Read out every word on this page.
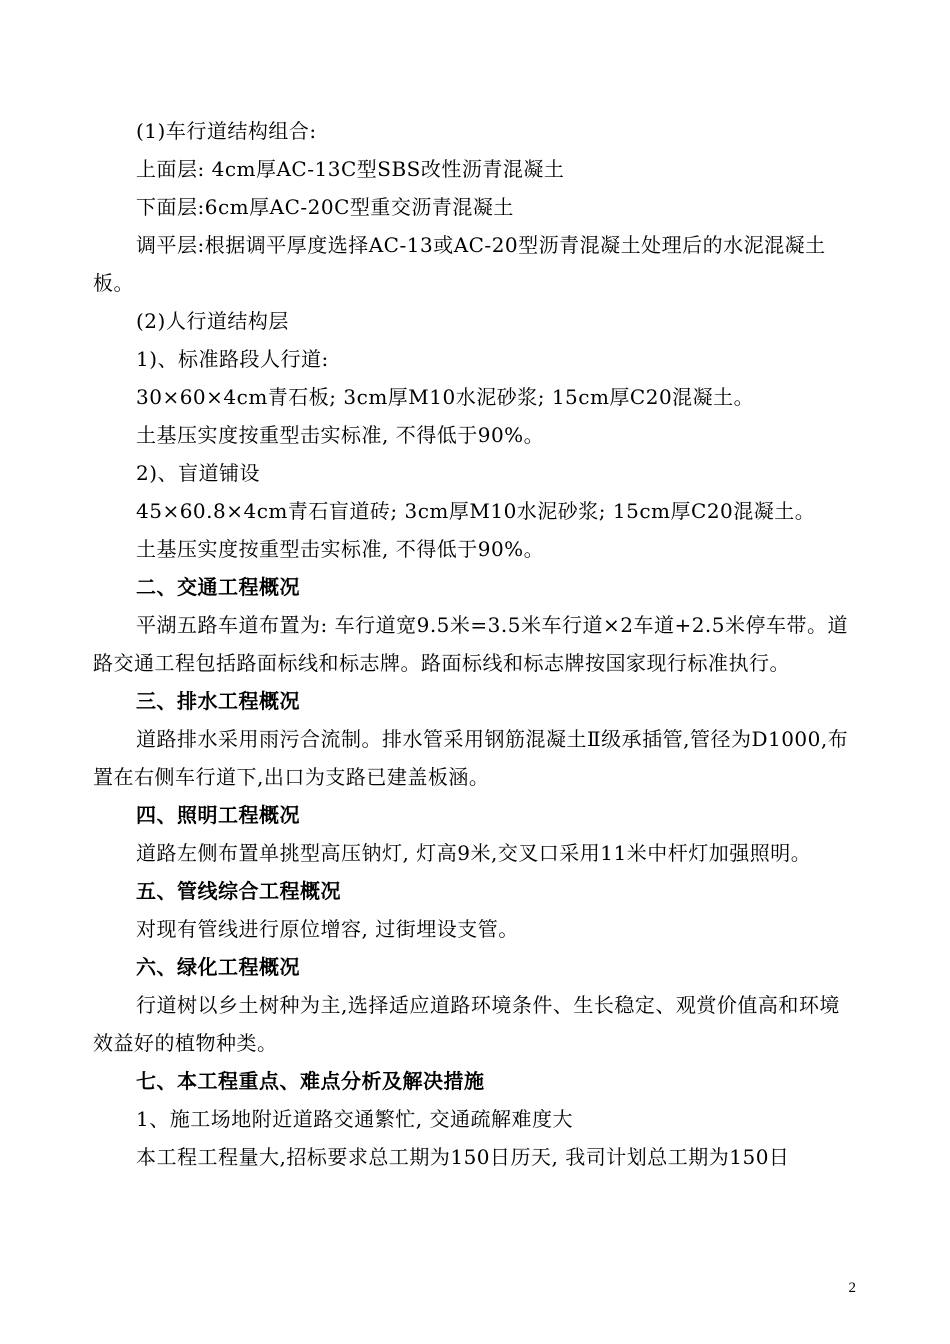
(1)车行道结构组合:

上面层: 4cm厚AC-13C型SBS改性沥青混凝土

下面层:6cm厚AC-20C型重交沥青混凝土

调平层:根据调平厚度选择AC-13或AC-20型沥青混凝土处理后的水泥混凝土板。

(2)人行道结构层

1)、标准路段人行道:

30×60×4cm青石板; 3cm厚M10水泥砂浆; 15cm厚C20混凝土。

土基压实度按重型击实标准, 不得低于90%。

2)、盲道铺设

45×60.8×4cm青石盲道砖; 3cm厚M10水泥砂浆; 15cm厚C20混凝土。

土基压实度按重型击实标准, 不得低于90%。

二、交通工程概况

平湖五路车道布置为: 车行道宽9.5米=3.5米车行道×2车道+2.5米停车带。道路交通工程包括路面标线和标志牌。路面标线和标志牌按国家现行标准执行。

三、排水工程概况

道路排水采用雨污合流制。排水管采用钢筋混凝土Ⅱ级承插管,管径为D1000,布置在右侧车行道下,出口为支路已建盖板涵。

四、照明工程概况

道路左侧布置单挑型高压钠灯, 灯高9米,交叉口采用11米中杆灯加强照明。

五、管线综合工程概况

对现有管线进行原位增容, 过街埋设支管。

六、绿化工程概况

行道树以乡土树种为主,选择适应道路环境条件、生长稳定、观赏价值高和环境效益好的植物种类。

七、本工程重点、难点分析及解决措施

1、施工场地附近道路交通繁忙, 交通疏解难度大

本工程工程量大,招标要求总工期为150日历天, 我司计划总工期为150日

2
